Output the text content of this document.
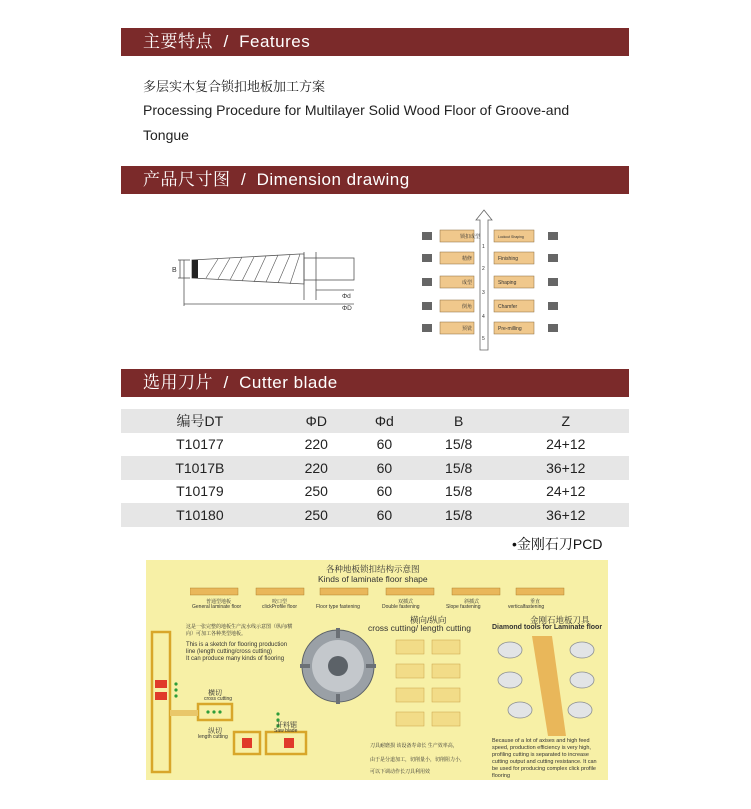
主要特点  /  Features
多层实木复合锁扣地板加工方案
Processing Procedure for Multilayer Solid Wood Floor of Groove-and
Tongue
产品尺寸图  /  Dimension drawing
B
Φd
ΦD
锁扣成型	Lockcut Shaping
精修	Finishing
成型	Shaping
倒角	Chamfer
预铣	Pre-milling
1
2
3
4
5
选用刀片  /  Cutter blade
编号DT	ΦD	Φd	B	Z
T10177	220	60	15/8	24+12
T1017B	220	60	15/8	36+12
T10179	250	60	15/8	24+12
T10180	250	60	15/8	36+12
•金刚石刀PCD
各种地板锁扣结构示意图
Kinds of laminate floor shape
普通型地板
General laminate floor
咬口型
clickProfile floor	Floor type fastening
双插式
Double fastening
斜插式
Slope fastening
垂直
verticalfastening
这是一张完整的地板生产流水线示意图（纵向/横向）可加工各种类型地板。
This is a sketch for flooring production
line (length cutting/cross cutting)
It can produce many kinds of flooring
横切
cross cutting
纵切
length cutting
开料锯
Saw blade
横向/纵向
cross cutting/ length cutting
刀具耐磨损 该设备寿命长 生产效率高，
由于是分道加工，切削量小，切削阻力小，
可以下调动作长刀具利用效
金刚石地板刀具
Diamond tools for Laminate floor
Because of a lot of axises and high feed
speed, production efficiency is very high,
profiling cutting is separated to increase
cutting output and cutting resistance. It can
be used for producing complex click profile
flooring
